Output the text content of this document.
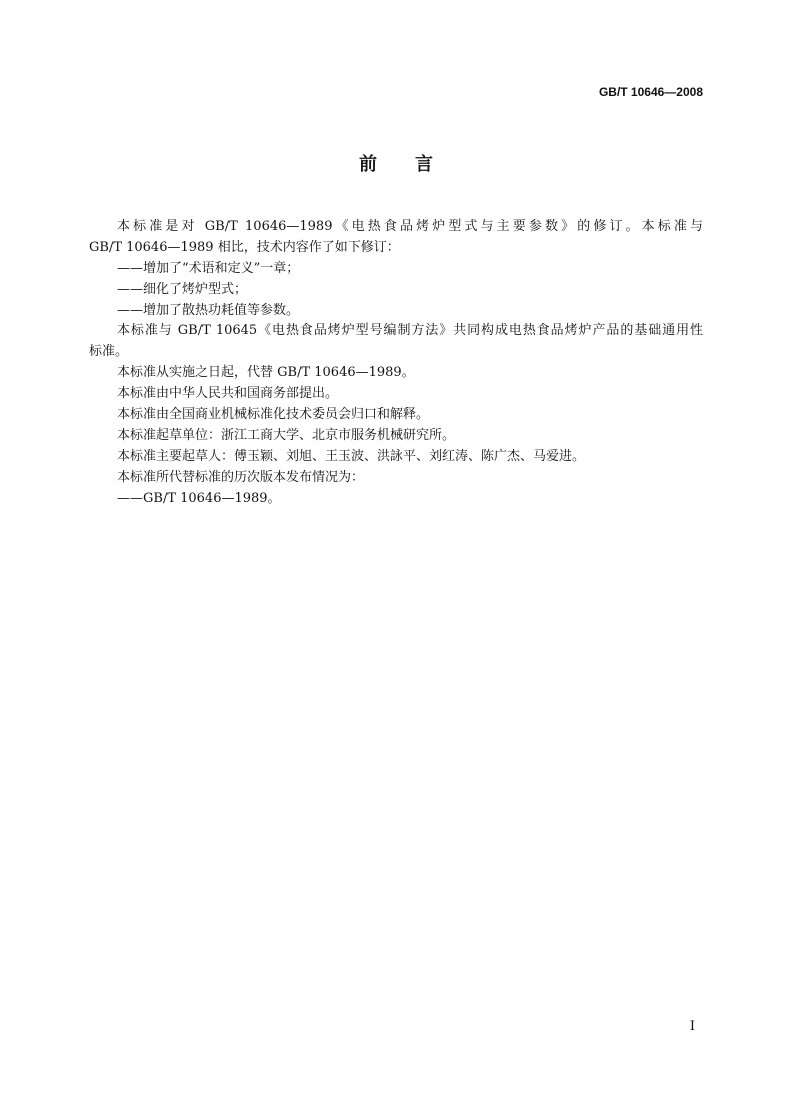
GB/T 10646—2008
前　言
本标准是对 GB/T 10646—1989《电热食品烤炉型式与主要参数》的修订。本标准与
GB/T 10646—1989 相比，技术内容作了如下修订：
——增加了“术语和定义”一章；
——细化了烤炉型式；
——增加了散热功耗值等参数。
本标准与 GB/T 10645《电热食品烤炉型号编制方法》共同构成电热食品烤炉产品的基础通用性
标准。
本标准从实施之日起，代替 GB/T 10646—1989。
本标准由中华人民共和国商务部提出。
本标准由全国商业机械标准化技术委员会归口和解释。
本标准起草单位：浙江工商大学、北京市服务机械研究所。
本标准主要起草人：傅玉颖、刘旭、王玉波、洪詠平、刘红涛、陈广杰、马爱进。
本标准所代替标准的历次版本发布情况为：
——GB/T 10646—1989。
I
